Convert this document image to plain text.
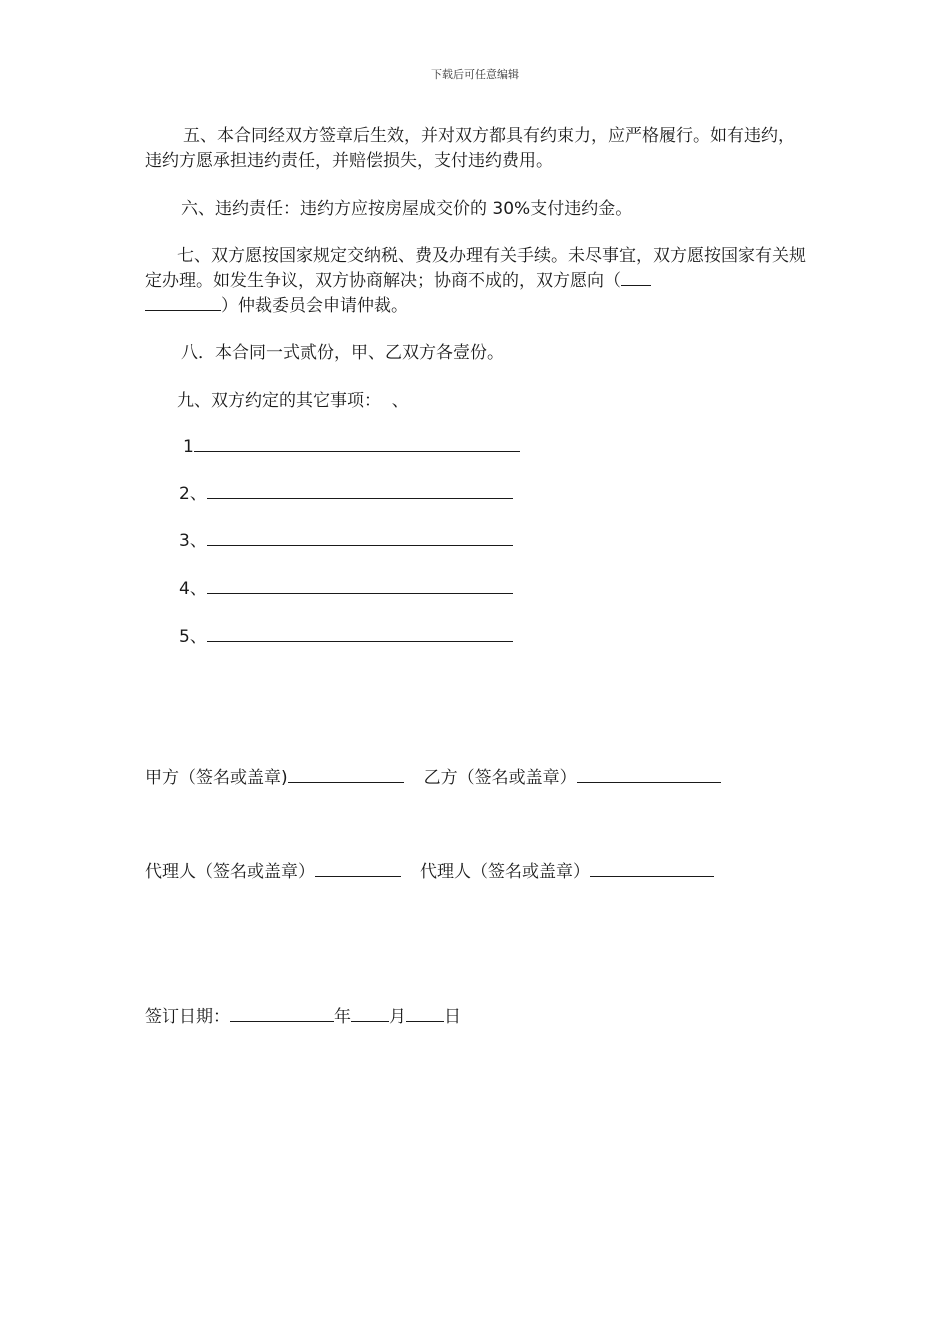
下载后可任意编辑

五、本合同经双方签章后生效，并对双方都具有约束力，应严格履行。如有违约，违约方愿承担违约责任，并赔偿损失，支付违约费用。

六、违约责任：违约方应按房屋成交价的 30%支付违约金。

七、双方愿按国家规定交纳税、费及办理有关手续。未尽事宜，双方愿按国家有关规定办理。如发生争议，双方协商解决；协商不成的，双方愿向（
）仲裁委员会申请仲裁。

八．本合同一式贰份，甲、乙双方各壹份。

九、双方约定的其它事项：  、

1
2、
3、
4、
5、
甲方（签名或盖章)	乙方（签名或盖章）
代理人（签名或盖章）	代理人（签名或盖章）
签订日期：	年 月 日
